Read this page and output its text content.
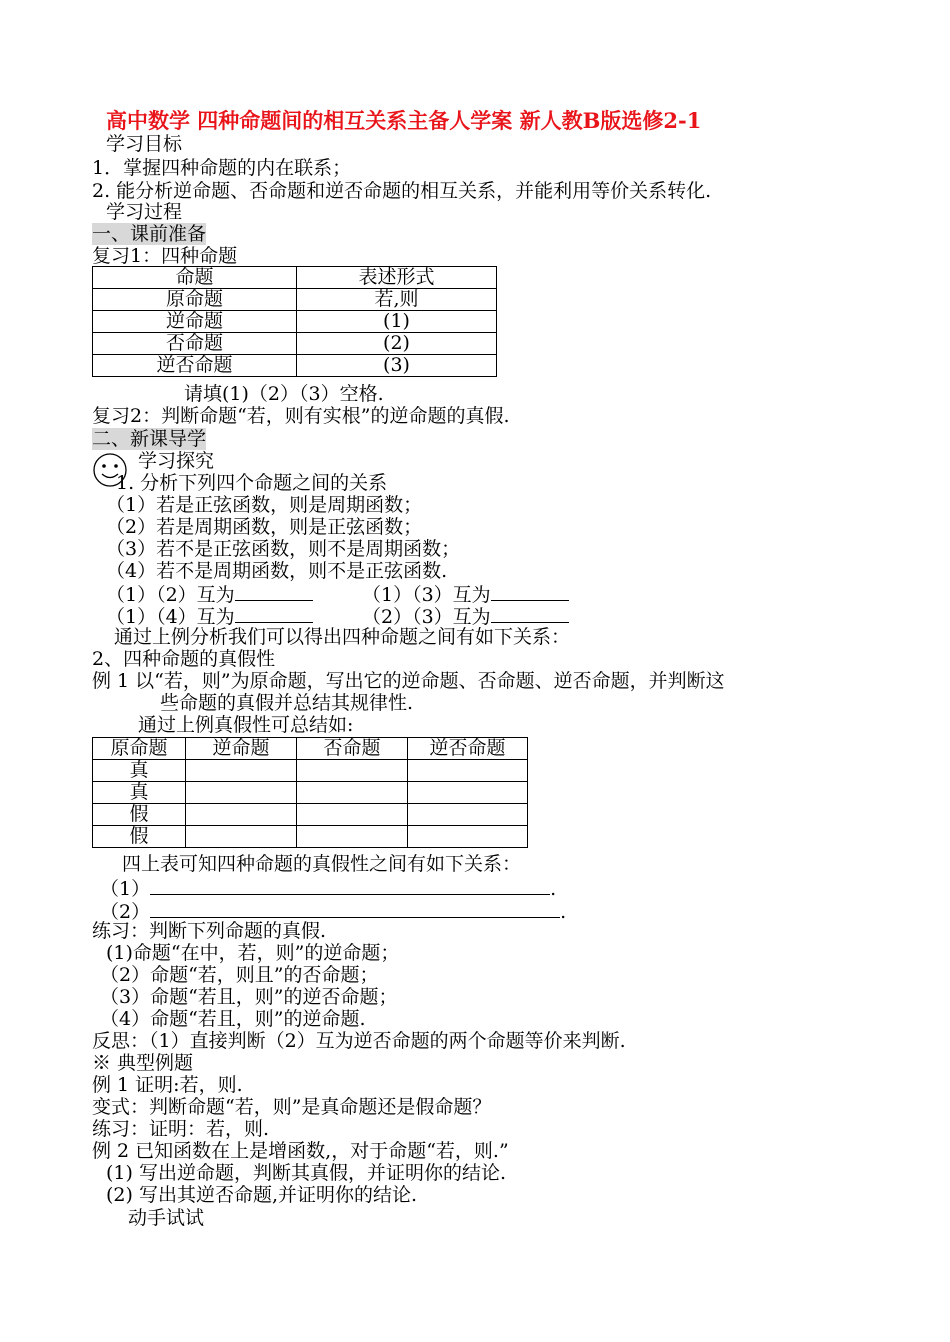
高中数学 四种命题间的相互关系主备人学案 新人教B版选修2-1
学习目标
1．掌握四种命题的内在联系；
2. 能分析逆命题、否命题和逆否命题的相互关系，并能利用等价关系转化.
学习过程
一、课前准备
复习1：四种命题
命题	表述形式
原命题	若,则
逆命题	(1)
否命题	(2)
逆否命题	(3)
请填(1)（2）（3）空格.
复习2：判断命题“若，则有实根”的逆命题的真假.
二、新课导学
学习探究
1. 分析下列四个命题之间的关系
（1）若是正弦函数，则是周期函数；
（2）若是周期函数，则是正弦函数；
（3）若不是正弦函数，则不是周期函数；
（4）若不是周期函数，则不是正弦函数.
（1）（2）互为	（1）（3）互为
（1）（4）互为	（2）（3）互为
通过上例分析我们可以得出四种命题之间有如下关系：
2、四种命题的真假性
例 1 以“若，则”为原命题，写出它的逆命题、否命题、逆否命题，并判断这
些命题的真假并总结其规律性.
通过上例真假性可总结如:
原命题	逆命题	否命题	逆否命题
真			
真			
假			
假			
四上表可知四种命题的真假性之间有如下关系：
（1）	.
（2）	.
练习：判断下列命题的真假.
(1)命题“在中，若，则”的逆命题；
（2）命题“若，则且”的否命题；
（3）命题“若且，则”的逆否命题；
（4）命题“若且，则”的逆命题.
反思：（1）直接判断（2）互为逆否命题的两个命题等价来判断.
※ 典型例题
例 1 证明:若，则.
变式：判断命题“若，则”是真命题还是假命题？
练习：证明：若，则.
例 2 已知函数在上是增函数,，对于命题“若，则.”
(1) 写出逆命题，判断其真假，并证明你的结论.
(2) 写出其逆否命题,并证明你的结论.
动手试试
